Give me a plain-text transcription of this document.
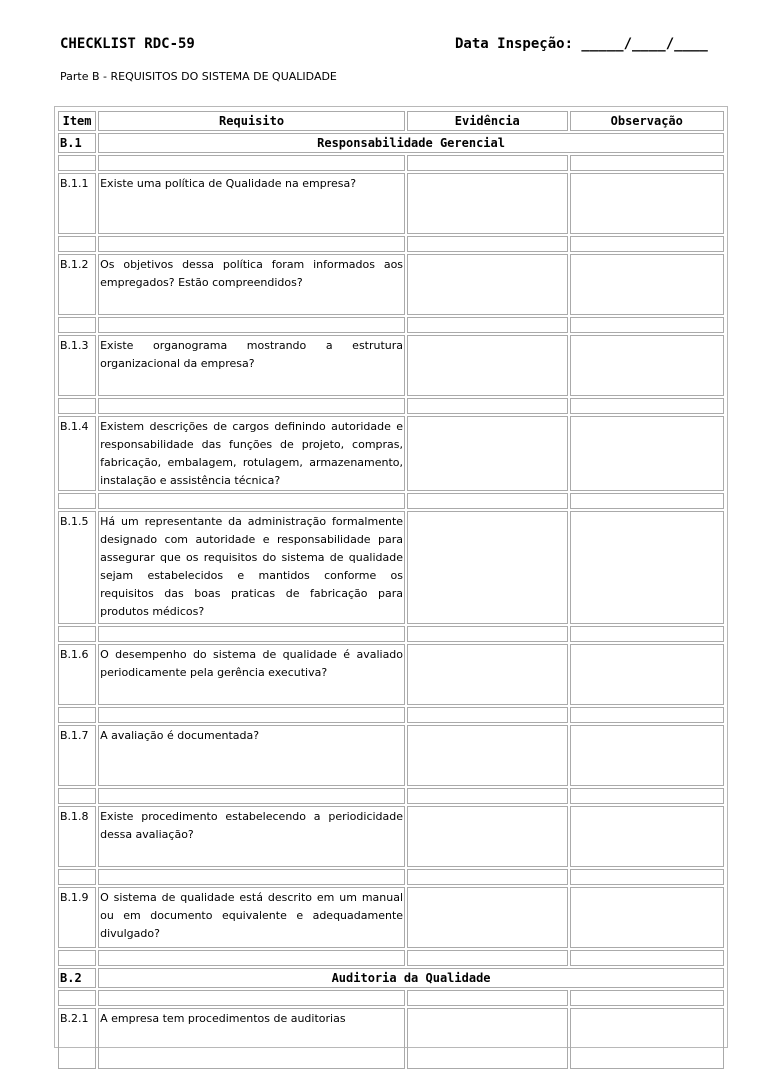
CHECKLIST RDC-59	Data Inspeção: _____/____/____
Parte B - REQUISITOS DO SISTEMA DE QUALIDADE
Item	Requisito	Evidência	Observação
B.1	Responsabilidade Gerencial		

B.1.1	Existe uma política de Qualidade na empresa?		

B.1.2	Os objetivos dessa política foram informados aos empregados? Estão compreendidos?		

B.1.3	Existe organograma mostrando a estrutura organizacional da empresa?		

B.1.4	Existem descrições de cargos definindo autoridade e responsabilidade das funções de projeto, compras, fabricação, embalagem, rotulagem, armazenamento, instalação e assistência técnica?		

B.1.5	Há um representante da administração formalmente designado com autoridade e responsabilidade para assegurar que os requisitos do sistema de qualidade sejam estabelecidos e mantidos conforme os requisitos das boas praticas de fabricação para produtos médicos?		

B.1.6	O desempenho do sistema de qualidade é avaliado periodicamente pela gerência executiva?		

B.1.7	A avaliação é documentada?		

B.1.8	Existe procedimento estabelecendo a periodicidade dessa avaliação?		

B.1.9	O sistema de qualidade está descrito em um manual ou em documento equivalente e adequadamente divulgado?		

B.2	Auditoria da Qualidade		

B.2.1	A empresa tem procedimentos de auditorias		
